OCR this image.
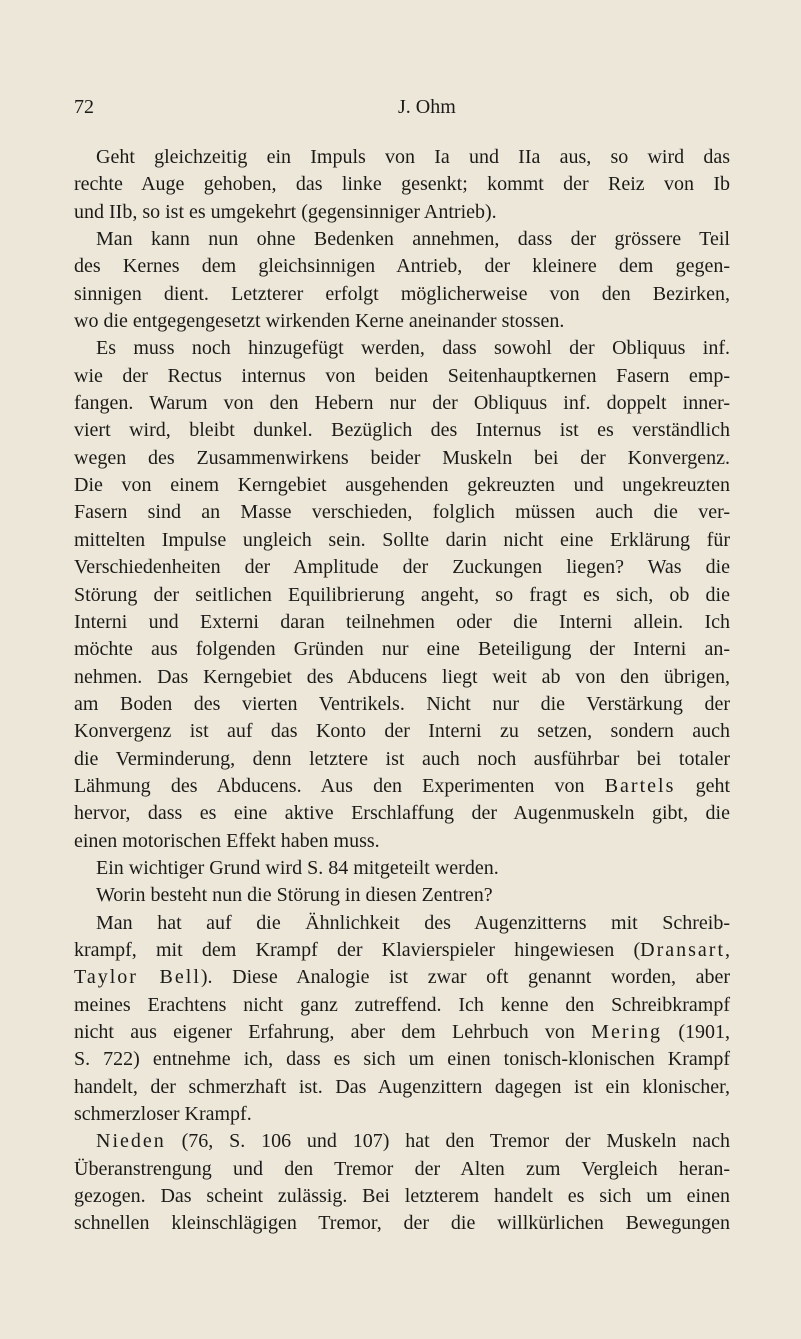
72	J. Ohm
Geht gleichzeitig ein Impuls von Ia und IIa aus, so wird das
rechte Auge gehoben, das linke gesenkt; kommt der Reiz von Ib
und IIb, so ist es umgekehrt (gegensinniger Antrieb).
Man kann nun ohne Bedenken annehmen, dass der grössere Teil
des Kernes dem gleichsinnigen Antrieb, der kleinere dem gegen-
sinnigen dient. Letzterer erfolgt möglicherweise von den Bezirken,
wo die entgegengesetzt wirkenden Kerne aneinander stossen.
Es muss noch hinzugefügt werden, dass sowohl der Obliquus inf.
wie der Rectus internus von beiden Seitenhauptkernen Fasern emp-
fangen. Warum von den Hebern nur der Obliquus inf. doppelt inner-
viert wird, bleibt dunkel. Bezüglich des Internus ist es verständlich
wegen des Zusammenwirkens beider Muskeln bei der Konvergenz.
Die von einem Kerngebiet ausgehenden gekreuzten und ungekreuzten
Fasern sind an Masse verschieden, folglich müssen auch die ver-
mittelten Impulse ungleich sein. Sollte darin nicht eine Erklärung für
Verschiedenheiten der Amplitude der Zuckungen liegen? Was die
Störung der seitlichen Equilibrierung angeht, so fragt es sich, ob die
Interni und Externi daran teilnehmen oder die Interni allein. Ich
möchte aus folgenden Gründen nur eine Beteiligung der Interni an-
nehmen. Das Kerngebiet des Abducens liegt weit ab von den übrigen,
am Boden des vierten Ventrikels. Nicht nur die Verstärkung der
Konvergenz ist auf das Konto der Interni zu setzen, sondern auch
die Verminderung, denn letztere ist auch noch ausführbar bei totaler
Lähmung des Abducens. Aus den Experimenten von Bartels geht
hervor, dass es eine aktive Erschlaffung der Augenmuskeln gibt, die
einen motorischen Effekt haben muss.
Ein wichtiger Grund wird S. 84 mitgeteilt werden.
Worin besteht nun die Störung in diesen Zentren?
Man hat auf die Ähnlichkeit des Augenzitterns mit Schreib-
krampf, mit dem Krampf der Klavierspieler hingewiesen (Dransart,
Taylor Bell). Diese Analogie ist zwar oft genannt worden, aber
meines Erachtens nicht ganz zutreffend. Ich kenne den Schreibkrampf
nicht aus eigener Erfahrung, aber dem Lehrbuch von Mering (1901,
S. 722) entnehme ich, dass es sich um einen tonisch-klonischen Krampf
handelt, der schmerzhaft ist. Das Augenzittern dagegen ist ein klonischer,
schmerzloser Krampf.
Nieden (76, S. 106 und 107) hat den Tremor der Muskeln nach
Überanstrengung und den Tremor der Alten zum Vergleich heran-
gezogen. Das scheint zulässig. Bei letzterem handelt es sich um einen
schnellen kleinschlägigen Tremor, der die willkürlichen Bewegungen
